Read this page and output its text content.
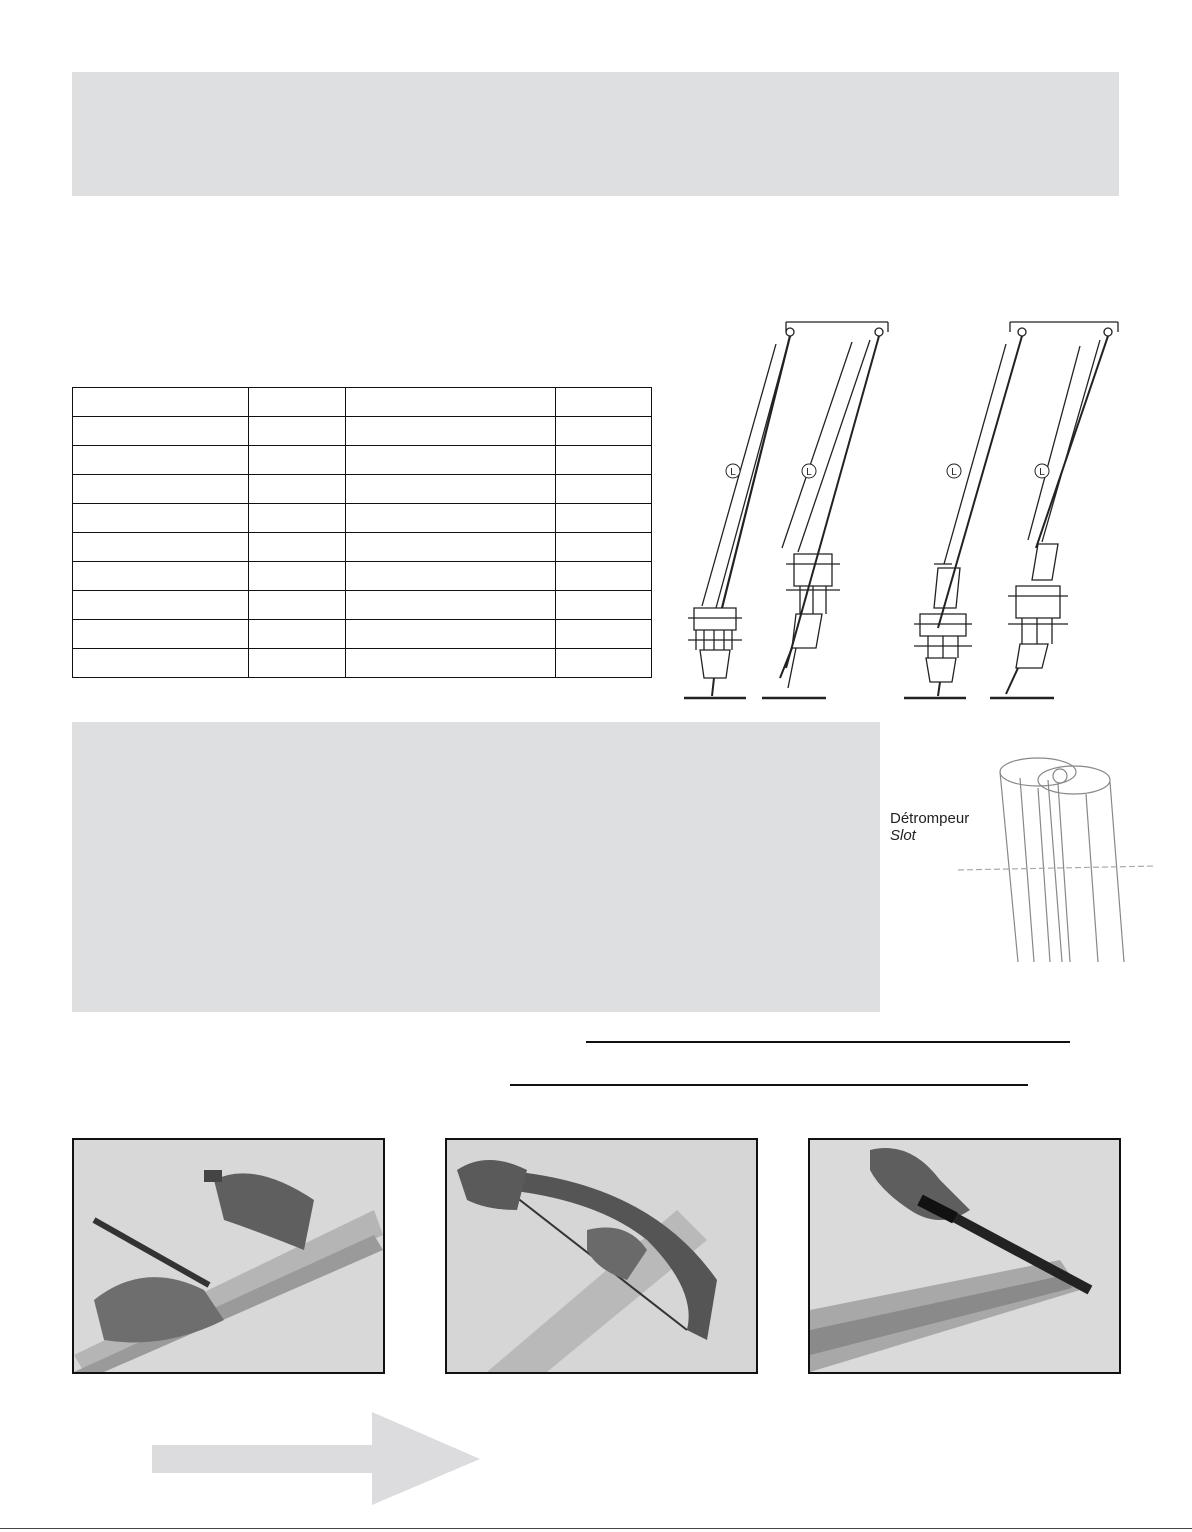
L	L	L	L
Détrompeur
Slot
